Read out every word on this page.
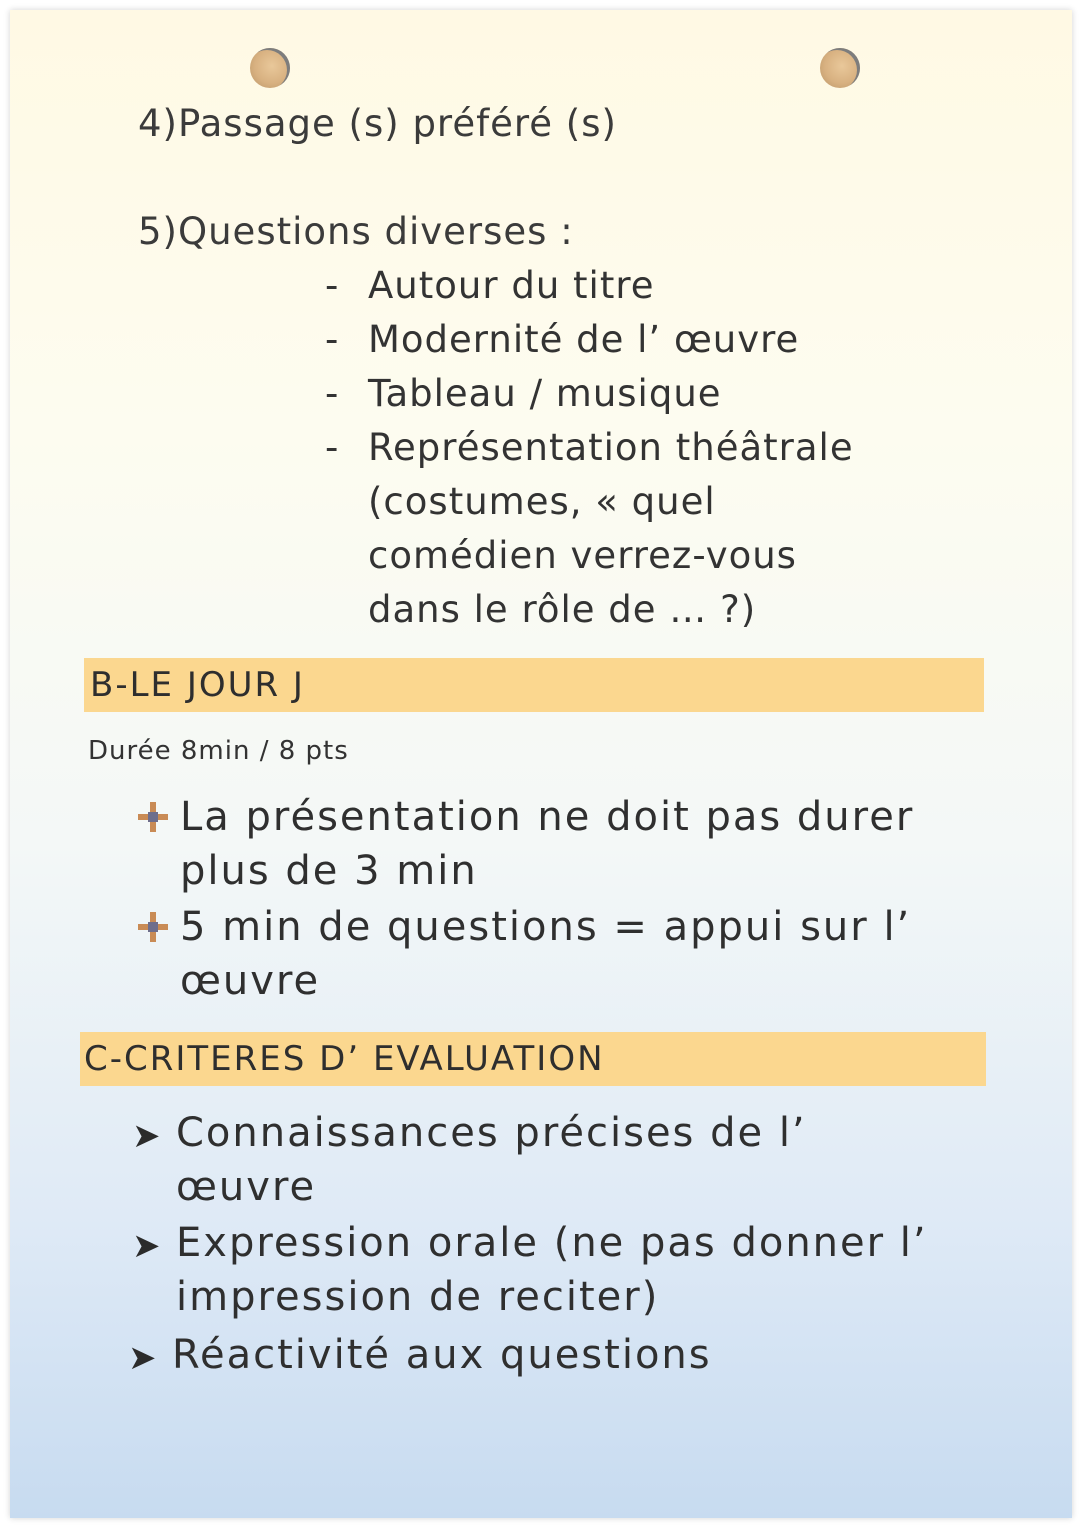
4)Passage (s) préféré (s)
5)Questions diverses :
- Autour du titre
- Modernité de l’ œuvre
- Tableau / musique
- Représentation théâtrale
(costumes, « quel
comédien verrez-vous
dans le rôle de … ?)
B-LE JOUR J
Durée 8min / 8 pts
La présentation ne doit pas durer
plus de 3 min
5 min de questions = appui sur l’
œuvre
C-CRITERES D’ EVALUATION
➤ Connaissances précises de l’
œuvre
➤ Expression orale (ne pas donner l’
impression de reciter)
➤ Réactivité aux questions
